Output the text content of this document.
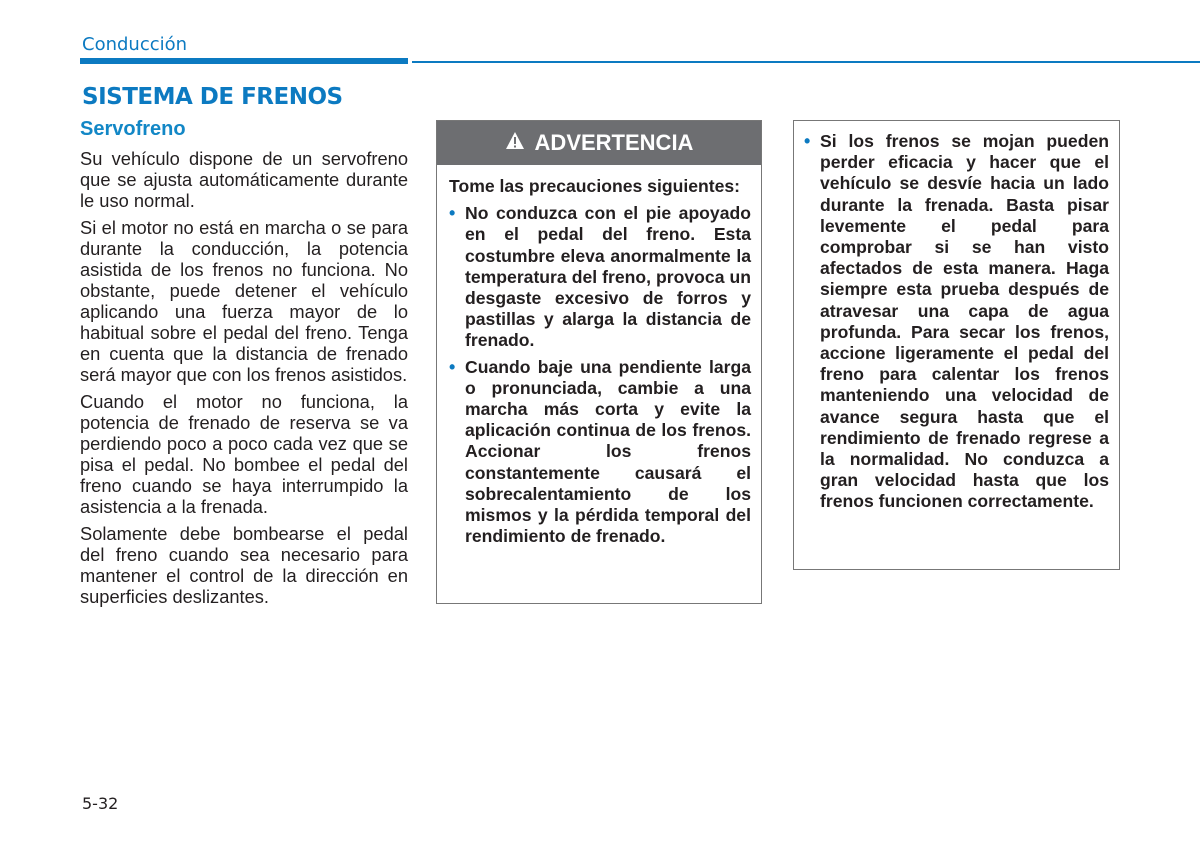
Conducción
SISTEMA DE FRENOS
Servofreno

Su vehículo dispone de un servofreno que se ajusta automáticamente durante le uso normal.

Si el motor no está en marcha o se para durante la conducción, la potencia asistida de los frenos no funciona. No obstante, puede detener el vehículo aplicando una fuerza mayor de lo habitual sobre el pedal del freno. Tenga en cuenta que la distancia de frenado será mayor que con los frenos asistidos.

Cuando el motor no funciona, la potencia de frenado de reserva se va perdiendo poco a poco cada vez que se pisa el pedal. No bombee el pedal del freno cuando se haya interrumpido la asistencia a la frenada.

Solamente debe bombearse el pedal del freno cuando sea necesario para mantener el control de la dirección en superficies deslizantes.

ADVERTENCIA

Tome las precauciones siguientes:

• No conduzca con el pie apoyado en el pedal del freno. Esta costumbre eleva anormalmente la temperatura del freno, provoca un desgaste excesivo de forros y pastillas y alarga la distancia de frenado.
• Cuando baje una pendiente larga o pronunciada, cambie a una marcha más corta y evite la aplicación continua de los frenos. Accionar los frenos constantemente causará el sobrecalentamiento de los mismos y la pérdida temporal del rendimiento de frenado.
• Si los frenos se mojan pueden perder eficacia y hacer que el vehículo se desvíe hacia un lado durante la frenada. Basta pisar levemente el pedal para comprobar si se han visto afectados de esta manera. Haga siempre esta prueba después de atravesar una capa de agua profunda. Para secar los frenos, accione ligeramente el pedal del freno para calentar los frenos manteniendo una velocidad de avance segura hasta que el rendimiento de frenado regrese a la normalidad. No conduzca a gran velocidad hasta que los frenos funcionen correctamente.
5-32
